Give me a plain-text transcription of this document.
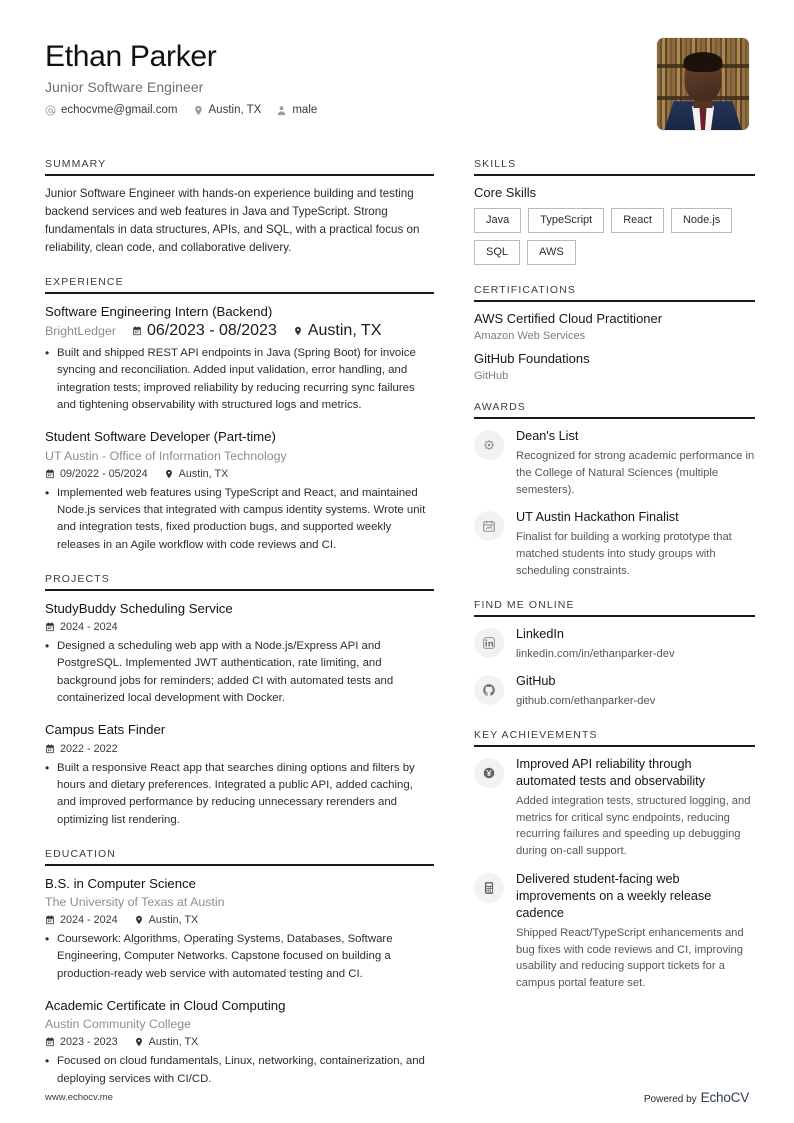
Ethan Parker
Junior Software Engineer
echocvme@gmail.com	Austin, TX	male
SUMMARY
Junior Software Engineer with hands-on experience building and testing backend services and web features in Java and TypeScript. Strong fundamentals in data structures, APIs, and SQL, with a practical focus on reliability, clean code, and collaborative delivery.
EXPERIENCE
Software Engineering Intern (Backend)
BrightLedger 06/2023 - 08/2023 Austin, TX
• Built and shipped REST API endpoints in Java (Spring Boot) for invoice syncing and reconciliation. Added input validation, error handling, and integration tests; improved reliability by reducing recurring sync failures and tightening observability with structured logs and metrics.
Student Software Developer (Part-time)
UT Austin - Office of Information Technology
09/2022 - 05/2024	Austin, TX
• Implemented web features using TypeScript and React, and maintained Node.js services that integrated with campus identity systems. Wrote unit and integration tests, fixed production bugs, and supported weekly releases in an Agile workflow with code reviews and CI.
PROJECTS
StudyBuddy Scheduling Service
2024 - 2024
• Designed a scheduling web app with a Node.js/Express API and PostgreSQL. Implemented JWT authentication, rate limiting, and background jobs for reminders; added CI with automated tests and containerized local development with Docker.
Campus Eats Finder
2022 - 2022
• Built a responsive React app that searches dining options and filters by hours and dietary preferences. Integrated a public API, added caching, and improved performance by reducing unnecessary rerenders and optimizing list rendering.
EDUCATION
B.S. in Computer Science
The University of Texas at Austin
2024 - 2024	Austin, TX
• Coursework: Algorithms, Operating Systems, Databases, Software Engineering, Computer Networks. Capstone focused on building a production-ready web service with automated testing and CI.
Academic Certificate in Cloud Computing
Austin Community College
2023 - 2023	Austin, TX
• Focused on cloud fundamentals, Linux, networking, containerization, and deploying services with CI/CD.
SKILLS
Core Skills
Java	TypeScript	React	Node.js
SQL	AWS
CERTIFICATIONS
AWS Certified Cloud Practitioner
Amazon Web Services
GitHub Foundations
GitHub
AWARDS
Dean's List
Recognized for strong academic performance in the College of Natural Sciences (multiple semesters).
UT Austin Hackathon Finalist
Finalist for building a working prototype that matched students into study groups with scheduling constraints.
FIND ME ONLINE
LinkedIn
linkedin.com/in/ethanparker-dev
GitHub
github.com/ethanparker-dev
KEY ACHIEVEMENTS
Improved API reliability through automated tests and observability
Added integration tests, structured logging, and metrics for critical sync endpoints, reducing recurring failures and speeding up debugging during on-call support.
Delivered student-facing web improvements on a weekly release cadence
Shipped React/TypeScript enhancements and bug fixes with code reviews and CI, improving usability and reducing support tickets for a campus portal feature set.
www.echocv.me	Powered by EchoCV
